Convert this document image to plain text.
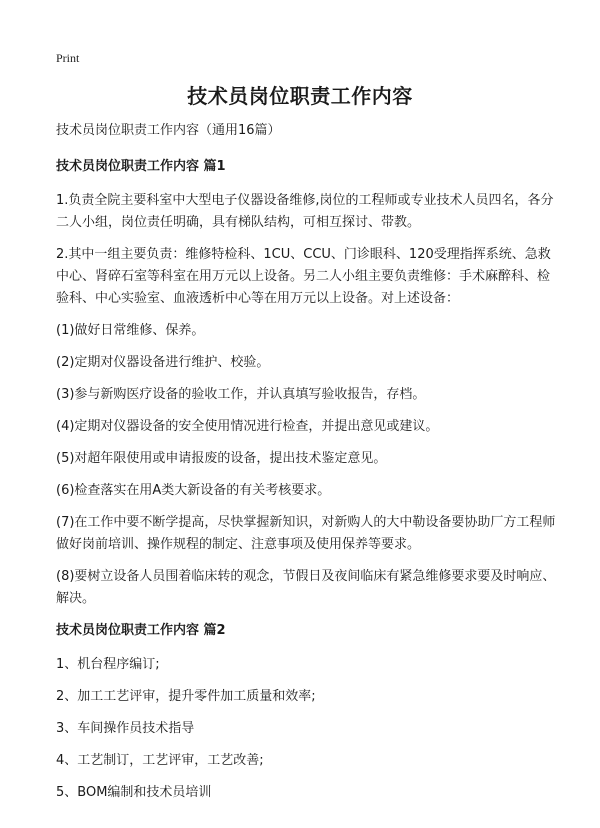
Print

技术员岗位职责工作内容

技术员岗位职责工作内容（通用16篇）

技术员岗位职责工作内容 篇1

1.负责全院主要科室中大型电子仪器设备维修,岗位的工程师或专业技术人员四名，各分二人小组，岗位责任明确，具有梯队结构，可相互探讨、带教。

2.其中一组主要负责：维修特检科、1CU、CCU、门诊眼科、120受理指挥系统、急救中心、肾碎石室等科室在用万元以上设备。另二人小组主要负责维修：手术麻醉科、检验科、中心实验室、血液透析中心等在用万元以上设备。对上述设备：

(1)做好日常维修、保养。

(2)定期对仪器设备进行维护、校验。

(3)参与新购医疗设备的验收工作，并认真填写验收报告，存档。

(4)定期对仪器设备的安全使用情况进行检查，并提出意见或建议。

(5)对超年限使用或申请报废的设备，提出技术鉴定意见。

(6)检查落实在用A类大新设备的有关考核要求。

(7)在工作中要不断学提高，尽快掌握新知识，对新购人的大中勒设备要协助厂方工程师做好岗前培训、操作规程的制定、注意事项及使用保养等要求。

(8)要树立设备人员围着临床转的观念，节假日及夜间临床有紧急维修要求要及时响应、解决。

技术员岗位职责工作内容 篇2

1、机台程序编订;

2、加工工艺评审，提升零件加工质量和效率;

3、车间操作员技术指导

4、工艺制订，工艺评审，工艺改善;

5、BOM编制和技术员培训
